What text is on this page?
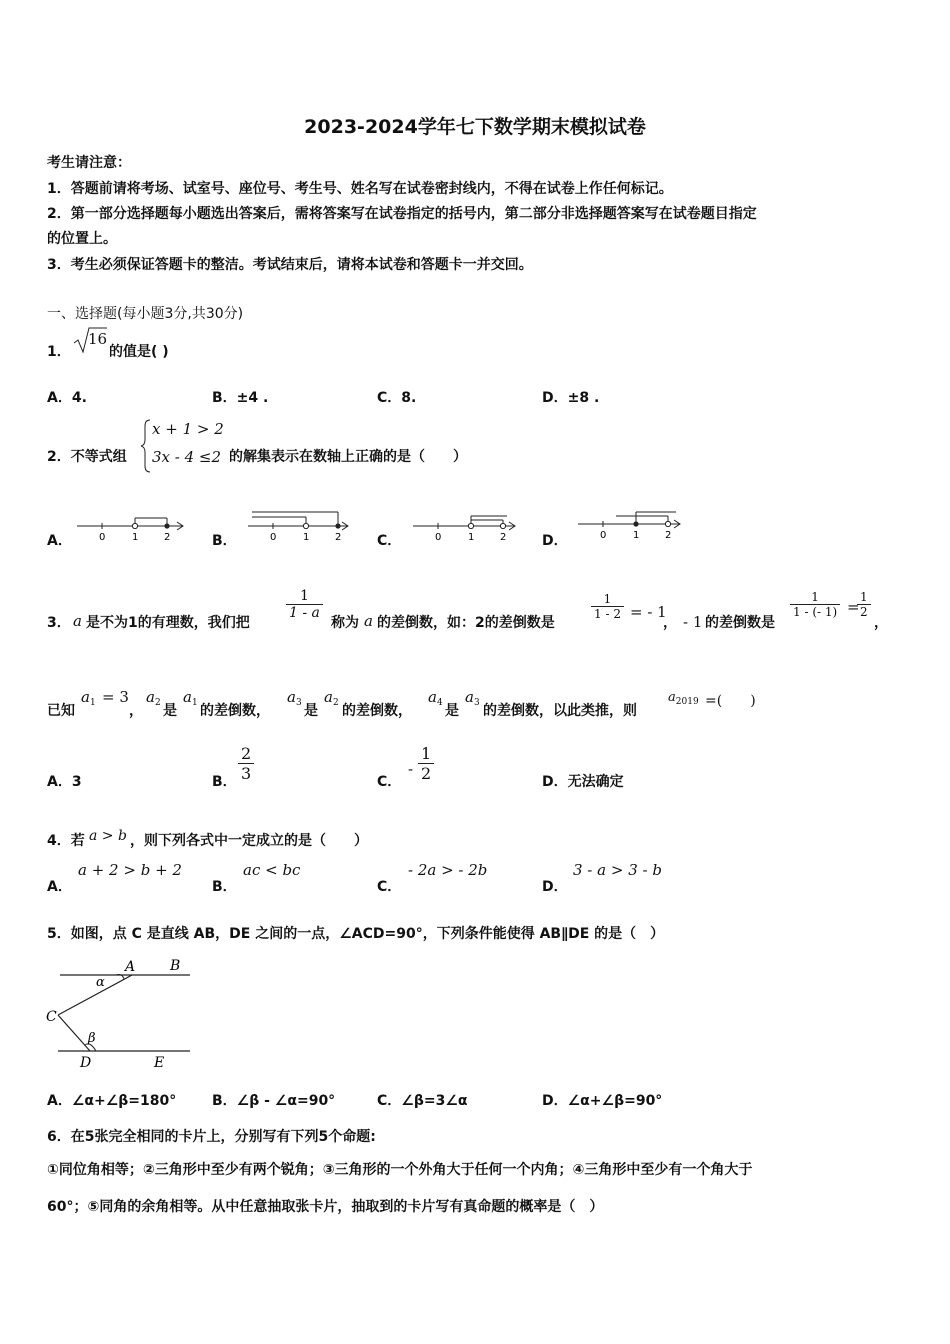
2023-2024学年七下数学期末模拟试卷
考生请注意：
1．答题前请将考场、试室号、座位号、考生号、姓名写在试卷密封线内，不得在试卷上作任何标记。
2．第一部分选择题每小题选出答案后，需将答案写在试卷指定的括号内，第二部分非选择题答案写在试卷题目指定
的位置上。
3．考生必须保证答题卡的整洁。考试结束后，请将本试卷和答题卡一并交回。
一、选择题(每小题3分,共30分)
1．
16
的值是( )
A．4.	B．±4 .	C．8.	D．±8 .
2．不等式组
x + 1 > 2
3x - 4 ≤2 的解集表示在数轴上正确的是（　　）
A．	0	1	2	B．	0	1	2	C．	0	1	2	D．	0	1	2
3． a 是不为1的有理数，我们把
$\frac{1}{1 - a}$
称为 a 的差倒数，如：2的差倒数是
$\frac{1}{1 - 2}$ = - 1
， - 1 的差倒数是
$\frac{1}{1 - (- 1)}$ =
$\frac{1}{2}$
，
已知
$a_1 = 3$
，
$a_2$ 是
$a_1$ 的差倒数，
$a_3$ 是
$a_2$ 的差倒数，
$a_4$ 是
$a_3$ 的差倒数，以此类推，则
$a_{2019}$ =(　　)
A．3	B． $\frac{2}{3}$	C．
- $\frac{1}{2}$	D．无法确定
4．若 a > b ，则下列各式中一定成立的是（　　）
A．
a + 2 > b + 2
B．
ac < bc
C．
- 2a > - 2b
D．
3 - a > 3 - b
5．如图，点 C 是直线 AB，DE 之间的一点，∠ACD=90°，下列条件能使得 AB∥DE 的是（　）
A B
C
D	E
α
β
A．∠α+∠β=180°	B．∠β - ∠α=90°	C．∠β=3∠α	D．∠α+∠β=90°
6．在5张完全相同的卡片上，分别写有下列5个命题:
①同位角相等；②三角形中至少有两个锐角；③三角形的一个外角大于任何一个内角；④三角形中至少有一个角大于
60°；⑤同角的余角相等。从中任意抽取张卡片，抽取到的卡片写有真命题的概率是（　）
